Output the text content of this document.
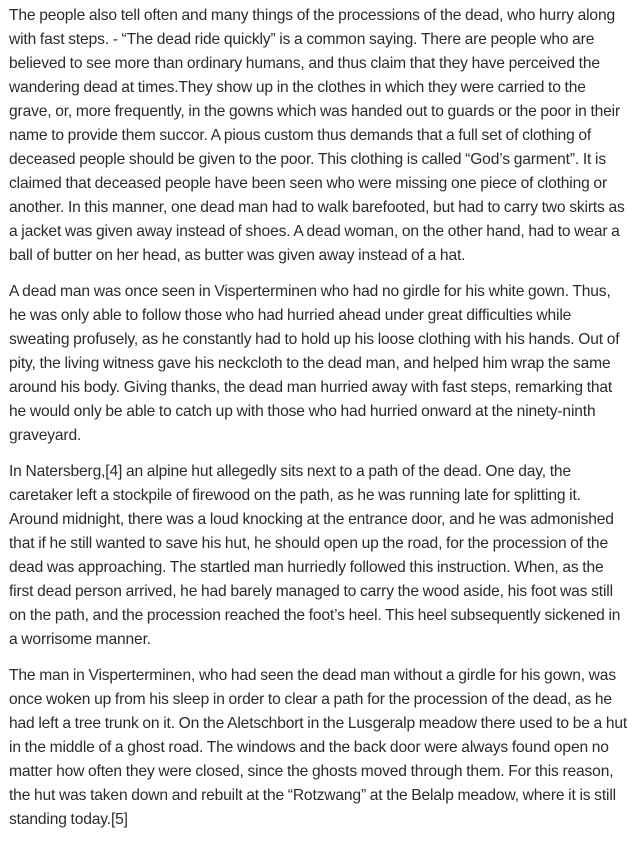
The people also tell often and many things of the processions of the dead, who hurry along with fast steps. - “The dead ride quickly” is a common saying. There are people who are believed to see more than ordinary humans, and thus claim that they have perceived the wandering dead at times.They show up in the clothes in which they were carried to the grave, or, more frequently, in the gowns which was handed out to guards or the poor in their name to provide them succor. A pious custom thus demands that a full set of clothing of deceased people should be given to the poor. This clothing is called “God’s garment”. It is claimed that deceased people have been seen who were missing one piece of clothing or another. In this manner, one dead man had to walk barefooted, but had to carry two skirts as a jacket was given away instead of shoes. A dead woman, on the other hand, had to wear a ball of butter on her head, as butter was given away instead of a hat.

A dead man was once seen in Visperterminen who had no girdle for his white gown. Thus, he was only able to follow those who had hurried ahead under great difficulties while sweating profusely, as he constantly had to hold up his loose clothing with his hands. Out of pity, the living witness gave his neckcloth to the dead man, and helped him wrap the same around his body. Giving thanks, the dead man hurried away with fast steps, remarking that he would only be able to catch up with those who had hurried onward at the ninety-ninth graveyard.

In Natersberg,[4] an alpine hut allegedly sits next to a path of the dead. One day, the caretaker left a stockpile of firewood on the path, as he was running late for splitting it. Around midnight, there was a loud knocking at the entrance door, and he was admonished that if he still wanted to save his hut, he should open up the road, for the procession of the dead was approaching. The startled man hurriedly followed this instruction. When, as the first dead person arrived, he had barely managed to carry the wood aside, his foot was still on the path, and the procession reached the foot’s heel. This heel subsequently sickened in a worrisome manner.

The man in Visperterminen, who had seen the dead man without a girdle for his gown, was once woken up from his sleep in order to clear a path for the procession of the dead, as he had left a tree trunk on it. On the Aletschbort in the Lusgeralp meadow there used to be a hut in the middle of a ghost road. The windows and the back door were always found open no matter how often they were closed, since the ghosts moved through them. For this reason, the hut was taken down and rebuilt at the “Rotzwang” at the Belalp meadow, where it is still standing today.[5]
